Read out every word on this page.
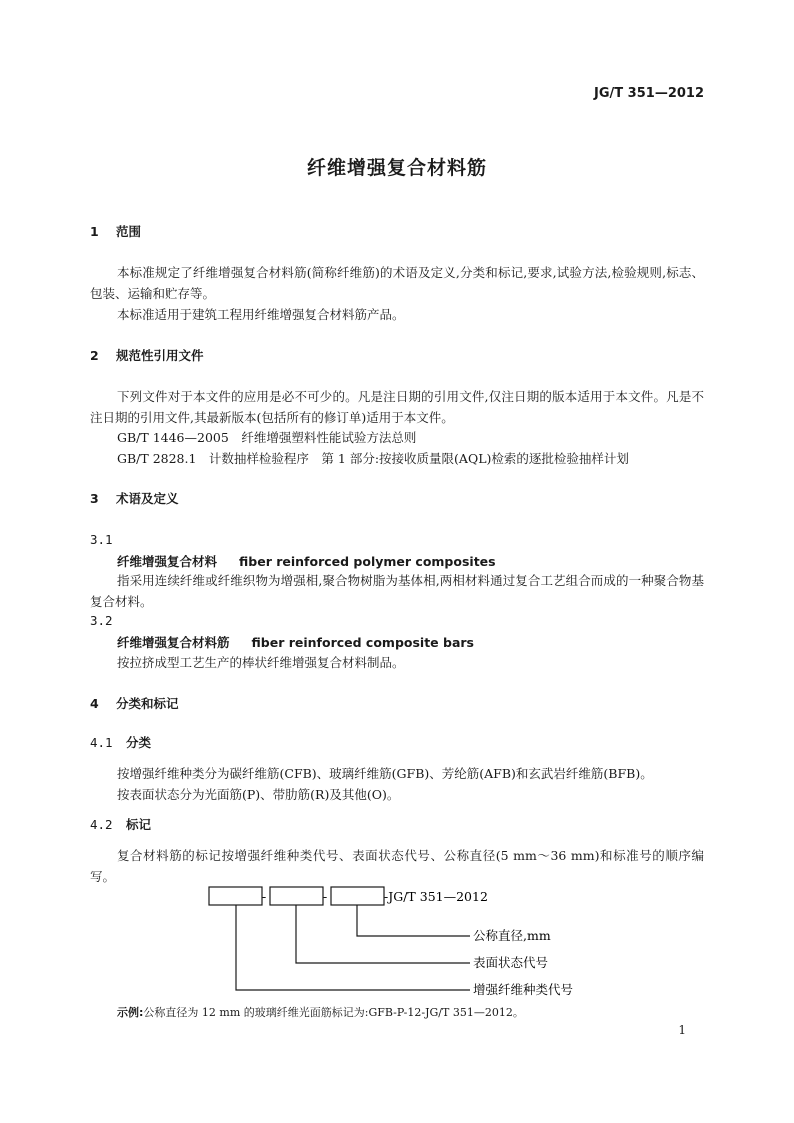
JG/T 351—2012
纤维增强复合材料筋
1 范围
本标准规定了纤维增强复合材料筋(简称纤维筋)的术语及定义,分类和标记,要求,试验方法,检验规则,标志、包装、运输和贮存等。
本标准适用于建筑工程用纤维增强复合材料筋产品。
2 规范性引用文件
下列文件对于本文件的应用是必不可少的。凡是注日期的引用文件,仅注日期的版本适用于本文件。凡是不注日期的引用文件,其最新版本(包括所有的修订单)适用于本文件。
GB/T 1446—2005　纤维增强塑料性能试验方法总则
GB/T 2828.1　计数抽样检验程序　第 1 部分:按接收质量限(AQL)检索的逐批检验抽样计划
3 术语及定义
3.1
纤维增强复合材料 fiber reinforced polymer composites
指采用连续纤维或纤维织物为增强相,聚合物树脂为基体相,两相材料通过复合工艺组合而成的一种聚合物基复合材料。
3.2
纤维增强复合材料筋 fiber reinforced composite bars
按拉挤成型工艺生产的棒状纤维增强复合材料制品。
4 分类和标记
4.1 分类
按增强纤维种类分为碳纤维筋(CFB)、玻璃纤维筋(GFB)、芳纶筋(AFB)和玄武岩纤维筋(BFB)。
按表面状态分为光面筋(P)、带肋筋(R)及其他(O)。
4.2 标记
复合材料筋的标记按增强纤维种类代号、表面状态代号、公称直径(5 mm～36 mm)和标准号的顺序编写。
-	-	-JG/T 351—2012
公称直径,mm
表面状态代号
增强纤维种类代号
示例:公称直径为 12 mm 的玻璃纤维光面筋标记为:GFB-P-12-JG/T 351—2012。
1
